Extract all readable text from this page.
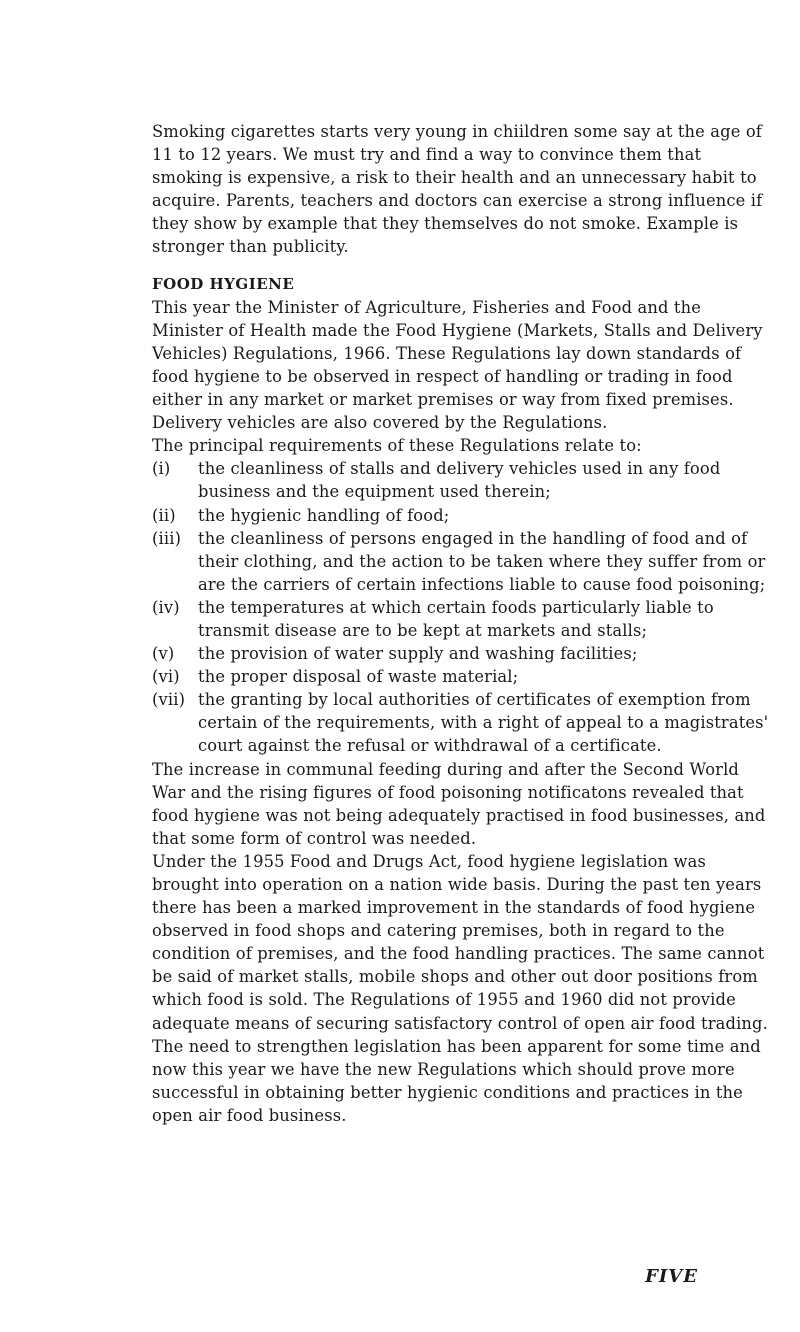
Smoking cigarettes starts very young in chiildren some say at the age of 11 to 12 years. We must try and find a way to convince them that smoking is expensive, a risk to their health and an unnecessary habit to acquire. Parents, teachers and doctors can exercise a strong influence if they show by example that they themselves do not smoke. Example is stronger than publicity.

FOOD HYGIENE

This year the Minister of Agriculture, Fisheries and Food and the Minister of Health made the Food Hygiene (Markets, Stalls and Delivery Vehicles) Regulations, 1966. These Regulations lay down standards of food hygiene to be observed in respect of handling or trading in food either in any market or market premises or way from fixed premises. Delivery vehicles are also covered by the Regulations.

The principal requirements of these Regulations relate to:

(i)	the cleanliness of stalls and delivery vehicles used in any food business and the equipment used therein;
(ii)	the hygienic handling of food;
(iii)	the cleanliness of persons engaged in the handling of food and of their clothing, and the action to be taken where they suffer from or are the carriers of certain infections liable to cause food poisoning;
(iv)	the temperatures at which certain foods particularly liable to transmit disease are to be kept at markets and stalls;
(v)	the provision of water supply and washing facilities;
(vi)	the proper disposal of waste material;
(vii) the granting by local authorities of certificates of exemption from certain of the requirements, with a right of appeal to a magistrates' court against the refusal or withdrawal of a certificate.

The increase in communal feeding during and after the Second World War and the rising figures of food poisoning notificatons revealed that food hygiene was not being adequately practised in food businesses, and that some form of control was needed.

Under the 1955 Food and Drugs Act, food hygiene legislation was brought into operation on a nation wide basis. During the past ten years there has been a marked improvement in the standards of food hygiene observed in food shops and catering premises, both in regard to the condition of premises, and the food handling practices. The same cannot be said of market stalls, mobile shops and other out door positions from which food is sold. The Regulations of 1955 and 1960 did not provide adequate means of securing satisfactory control of open air food trading. The need to strengthen legislation has been apparent for some time and now this year we have the new Regulations which should prove more successful in obtaining better hygienic conditions and practices in the open air food business.

FIVE
